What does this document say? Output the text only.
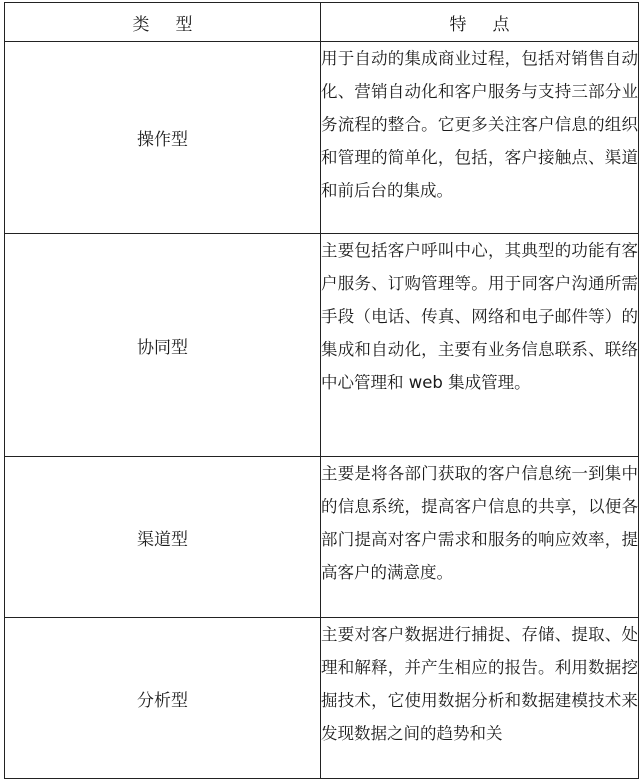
类型	特点
操作型	用于自动的集成商业过程，包括对销售自动化、营销自动化和客户服务与支持三部分业务流程的整合。它更多关注客户信息的组织和管理的简单化，包括，客户接触点、渠道和前后台的集成。
协同型	主要包括客户呼叫中心，其典型的功能有客户服务、订购管理等。用于同客户沟通所需手段（电话、传真、网络和电子邮件等）的集成和自动化，主要有业务信息联系、联络中心管理和 web 集成管理。
渠道型	主要是将各部门获取的客户信息统一到集中的信息系统，提高客户信息的共享，以便各部门提高对客户需求和服务的响应效率，提高客户的满意度。
分析型	主要对客户数据进行捕捉、存储、提取、处理和解释，并产生相应的报告。利用数据挖掘技术，它使用数据分析和数据建模技术来发现数据之间的趋势和关
